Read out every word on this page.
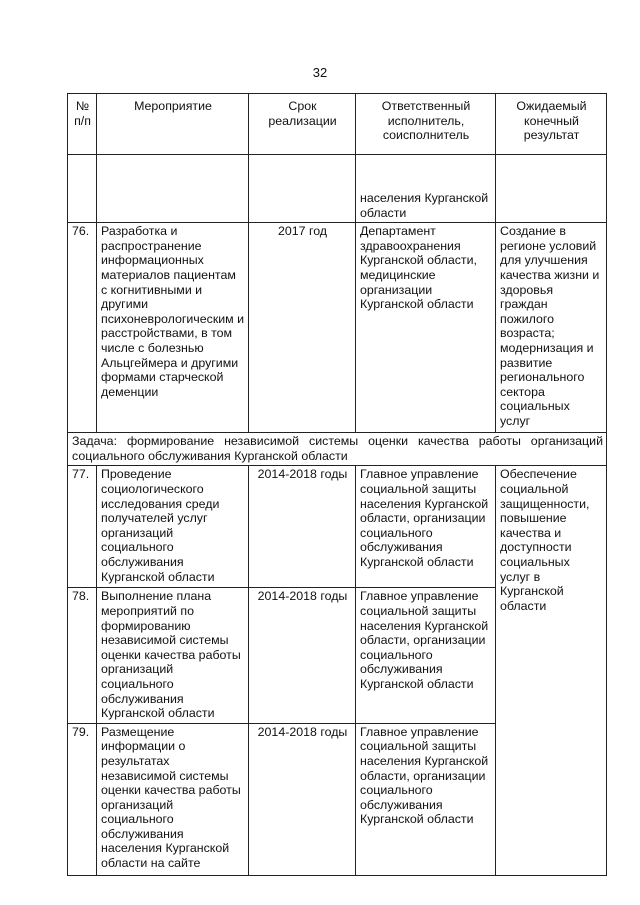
32
№ п/п	Мероприятие	Срок реализации	Ответственный исполнитель, соисполнитель	Ожидаемый конечный результат
			населения Курганской области	
76.	Разработка и распространение информационных материалов пациентам с когнитивными и другими психоневрологическим и расстройствами, в том числе с болезнью Альцгеймера и другими формами старческой деменции	2017 год	Департамент здравоохранения Курганской области, медицинские организации Курганской области	Создание в регионе условий для улучшения качества жизни и здоровья граждан пожилого возраста; модернизация и развитие регионального сектора социальных услуг
Задача: формирование независимой системы оценки качества работы организаций социального обслуживания Курганской области				
77.	Проведение социологического исследования среди получателей услуг организаций социального обслуживания Курганской области	2014-2018 годы	Главное управление социальной защиты населения Курганской области, организации социального обслуживания Курганской области	Обеспечение социальной защищенности, повышение качества и доступности социальных услуг в Курганской области
78.	Выполнение плана мероприятий по формированию независимой системы оценки качества работы организаций социального обслуживания Курганской области	2014-2018 годы	Главное управление социальной защиты населения Курганской области, организации социального обслуживания Курганской области	
79.	Размещение информации о результатах независимой системы оценки качества работы организаций социального обслуживания населения Курганской области на сайте	2014-2018 годы	Главное управление социальной защиты населения Курганской области, организации социального обслуживания Курганской области	
